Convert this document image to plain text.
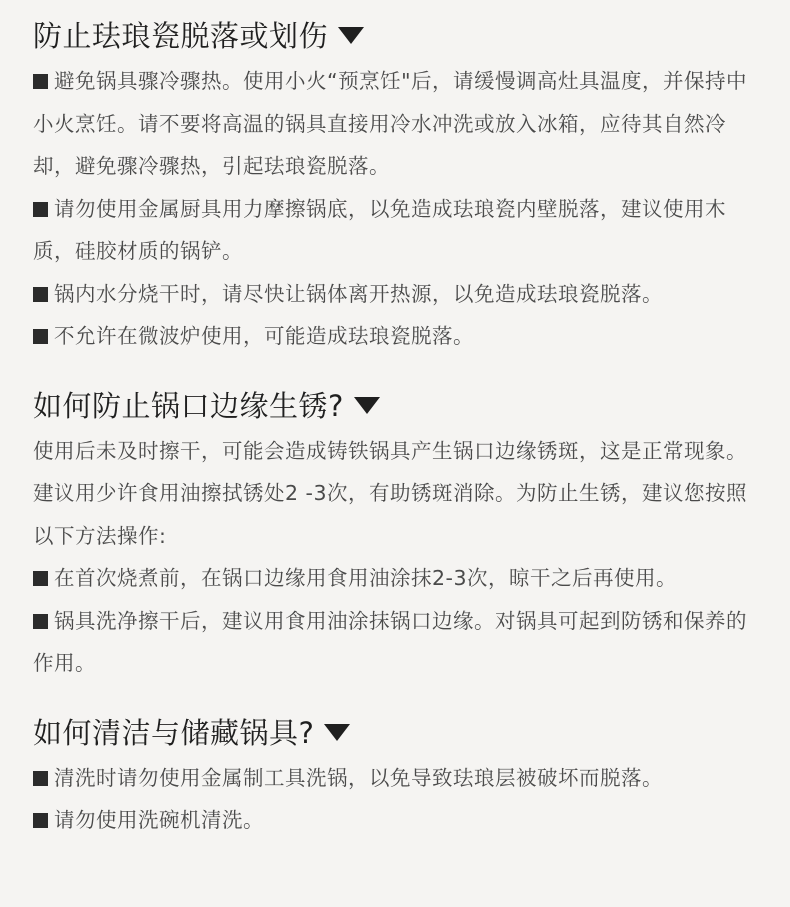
防止珐琅瓷脱落或划伤

避免锅具骤冷骤热。使用小火“预烹饪"后，请缓慢调高灶具温度，并保持中小火烹饪。请不要将高温的锅具直接用冷水冲洗或放入冰箱，应待其自然冷却，避免骤冷骤热，引起珐琅瓷脱落。

请勿使用金属厨具用力摩擦锅底，以免造成珐琅瓷内壁脱落，建议使用木质，硅胶材质的锅铲。

锅内水分烧干时，请尽快让锅体离开热源，以免造成珐琅瓷脱落。

不允许在微波炉使用，可能造成珐琅瓷脱落。

如何防止锅口边缘生锈?

使用后未及时擦干，可能会造成铸铁锅具产生锅口边缘锈斑，这是正常现象。建议用少许食用油擦拭锈处2 -3次，有助锈斑消除。为防止生锈，建议您按照以下方法操作:

在首次烧煮前，在锅口边缘用食用油涂抹2-3次，晾干之后再使用。

锅具洗净擦干后，建议用食用油涂抹锅口边缘。对锅具可起到防锈和保养的作用。

如何清洁与储藏锅具?

清洗时请勿使用金属制工具洗锅，以免导致珐琅层被破坏而脱落。

请勿使用洗碗机清洗。
